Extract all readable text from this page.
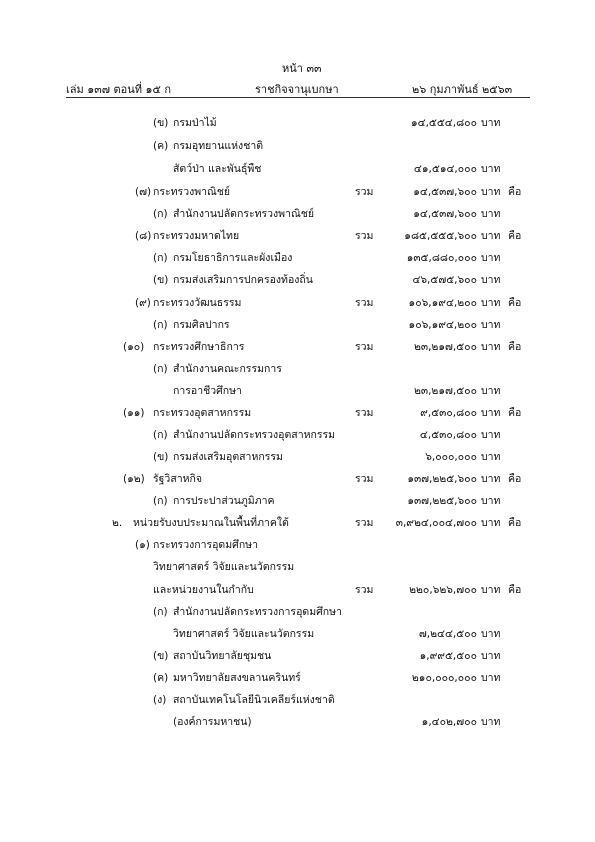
หน้า ๓๓
เล่ม ๑๓๗ ตอนที่ ๑๕ ก	ราชกิจจานุเบกษา	๒๖ กุมภาพันธ์ ๒๕๖๓
(ข) กรมป่าไม้	๑๔,๕๕๔,๘๐๐ บาท
(ค) กรมอุทยานแห่งชาติ
สัตว์ป่า และพันธุ์พืช	๔๑,๕๑๔,๐๐๐ บาท
(๗) กระทรวงพาณิชย์	รวม	๑๔,๕๓๗,๖๐๐ บาท คือ
(ก) สำนักงานปลัดกระทรวงพาณิชย์	๑๔,๕๓๗,๖๐๐ บาท
(๘) กระทรวงมหาดไทย	รวม	๑๘๕,๕๕๕,๖๐๐ บาท คือ
(ก) กรมโยธาธิการและผังเมือง	๑๓๕,๘๘๐,๐๐๐ บาท
(ข) กรมส่งเสริมการปกครองท้องถิ่น	๔๖,๕๗๕,๖๐๐ บาท
(๙) กระทรวงวัฒนธรรม	รวม	๑๐๖,๑๙๔,๒๐๐ บาท คือ
(ก) กรมศิลปากร	๑๐๖,๑๙๔,๒๐๐ บาท
(๑๐) กระทรวงศึกษาธิการ	รวม	๒๓,๒๑๗,๕๐๐ บาท คือ
(ก) สำนักงานคณะกรรมการ
การอาชีวศึกษา	๒๓,๒๑๗,๕๐๐ บาท
(๑๑) กระทรวงอุตสาหกรรม	รวม	๙,๕๓๐,๘๐๐ บาท คือ
(ก) สำนักงานปลัดกระทรวงอุตสาหกรรม	๔,๕๓๐,๘๐๐ บาท
(ข) กรมส่งเสริมอุตสาหกรรม	๖,๐๐๐,๐๐๐ บาท
(๑๒) รัฐวิสาหกิจ	รวม	๑๓๗,๒๒๕,๖๐๐ บาท คือ
(ก) การประปาส่วนภูมิภาค	๑๓๗,๒๒๕,๖๐๐ บาท
๒. หน่วยรับงบประมาณในพื้นที่ภาคใต้	รวม	๓,๙๒๔,๐๐๔,๗๐๐ บาท คือ
(๑) กระทรวงการอุดมศึกษา
วิทยาศาสตร์ วิจัยและนวัตกรรม
และหน่วยงานในกำกับ	รวม	๒๒๐,๖๒๖,๗๐๐ บาท คือ
(ก) สำนักงานปลัดกระทรวงการอุดมศึกษา
วิทยาศาสตร์ วิจัยและนวัตกรรม	๗,๒๔๔,๕๐๐ บาท
(ข) สถาบันวิทยาลัยชุมชน	๑,๙๙๕,๕๐๐ บาท
(ค) มหาวิทยาลัยสงขลานครินทร์	๒๑๐,๐๐๐,๐๐๐ บาท
(ง) สถาบันเทคโนโลยีนิวเคลียร์แห่งชาติ
(องค์การมหาชน)	๑,๔๐๒,๗๐๐ บาท
